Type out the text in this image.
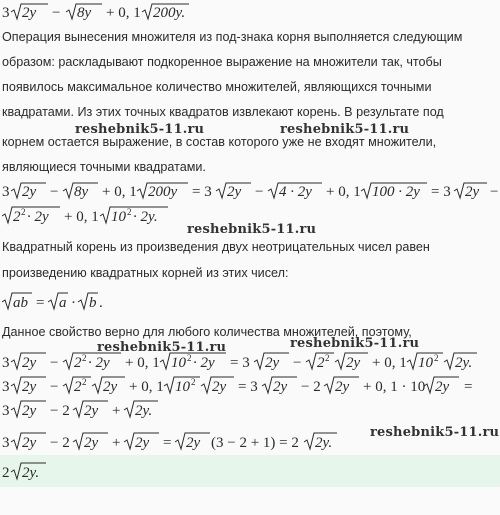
3 2y − 8y + 0, 1 200y.
Операция вынесения множителя из под-знака корня выполняется следующим
образом: раскладывают подкоренное выражение на множители так, чтобы
появилось максимальное количество множителей, являющихся точными
квадратами. Из этих точных квадратов извлекают корень. В результате под
корнем остается выражение, в состав которого уже не входят множители,
являющиеся точными квадратами.
3 2y − 8y + 0, 1 200y = 3 2y − 4 · 2y + 0, 1 100 · 2y = 3 2y −
2 2 · 2y + 0, 1 10 2 · 2y.
Квадратный корень из произведения двух неотрицательных чисел равен
произведению квадратных корней из этих чисел:
ab = a · b .
Данное свойство верно для любого количества множителей, поэтому,
3 2y − 2 2 · 2y + 0, 1 10 2 · 2y = 3 2y − 2 2 2y + 0, 1 10 2 2y.
3 2y − 2 2 2y + 0, 1 10 2 2y = 3 2y − 2 2y + 0, 1 · 10 2y =
3 2y − 2 2y + 2y.
3 2y − 2 2y + 2y = 2y (3 − 2 + 1) = 2 2y.
2 2y.
reshebnik5-11.ru	reshebnik5-11.ru
reshebnik5-11.ru
reshebnik5-11.ru
reshebnik5-11.ru
reshebnik5-11.ru
